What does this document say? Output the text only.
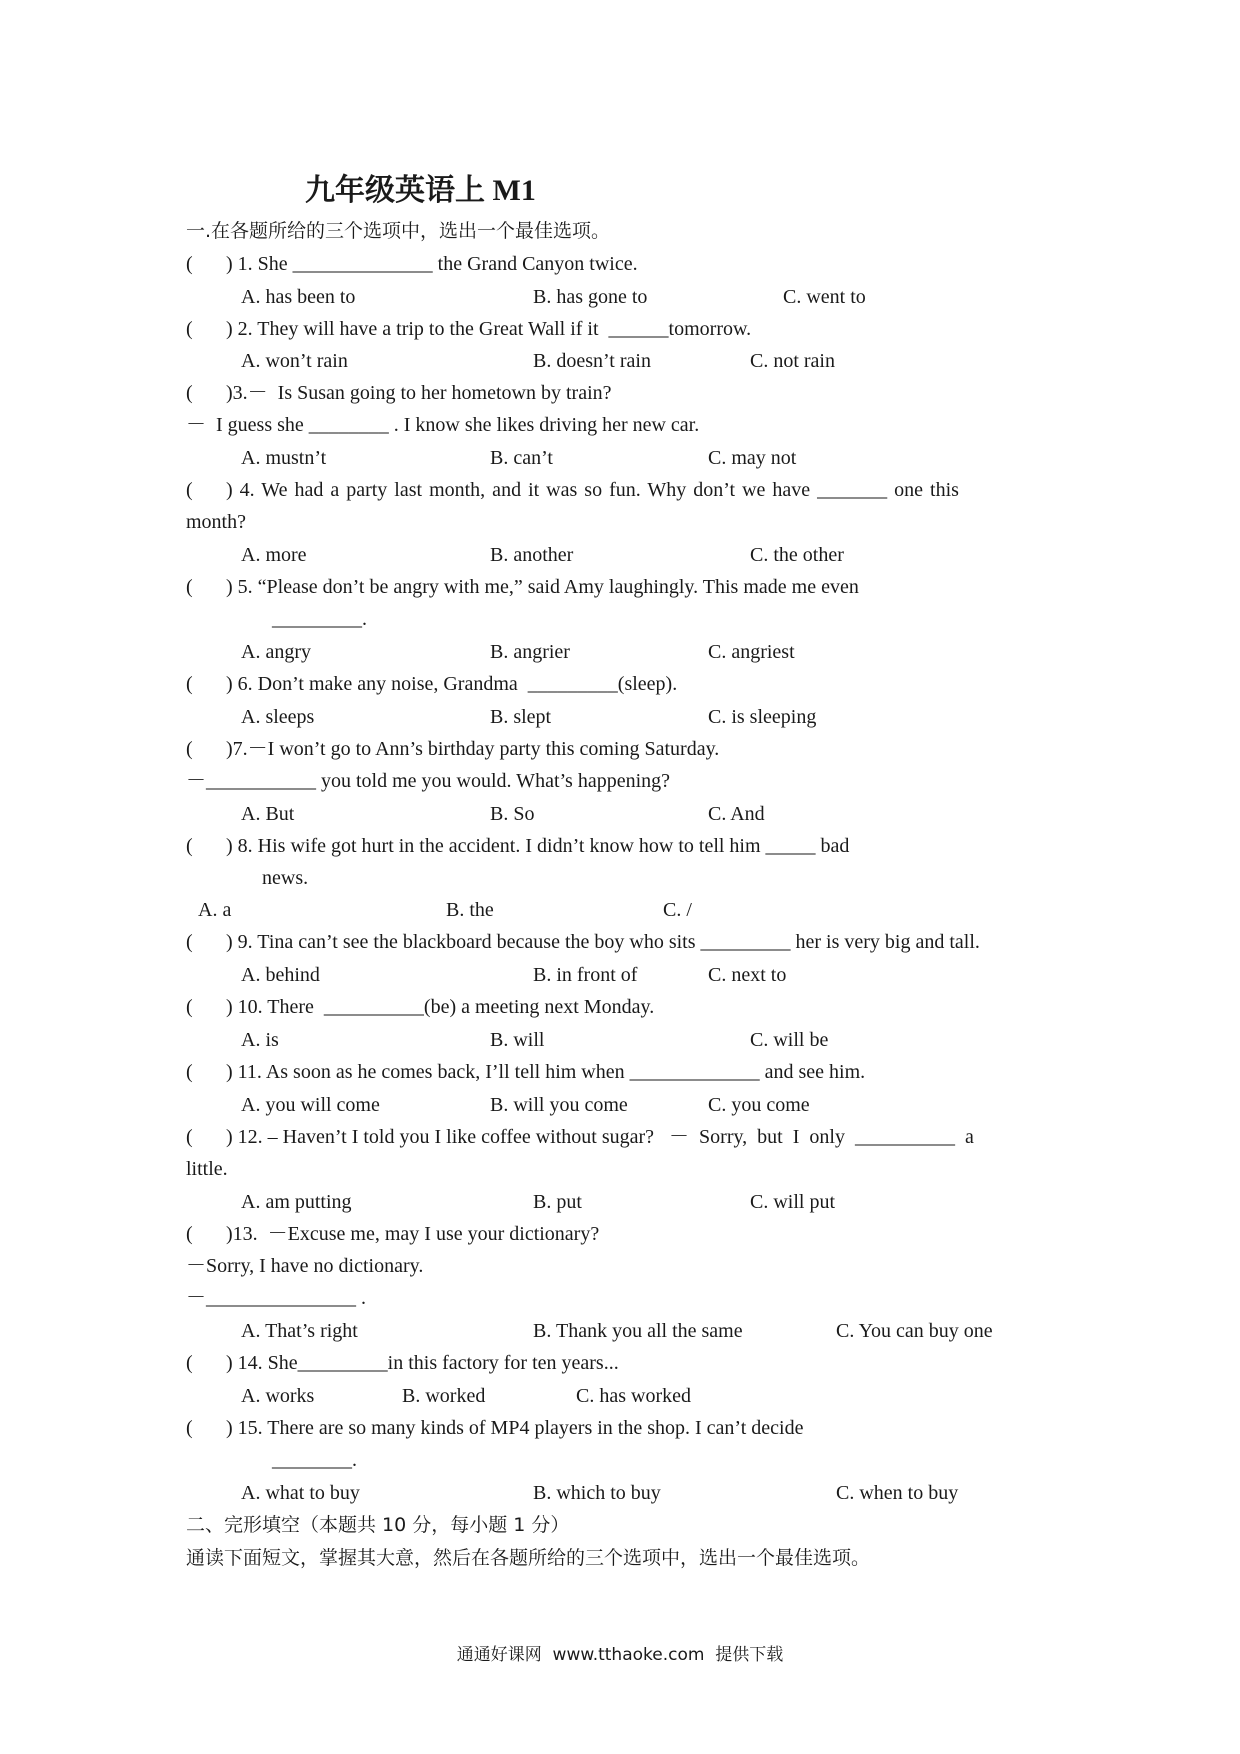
九年级英语上 M1
一.在各题所给的三个选项中，选出一个最佳选项。
( ) 1. She ______________ the Grand Canyon twice.
A. has been to	B. has gone to	C. went to
( ) 2. They will have a trip to the Great Wall if it  ______tomorrow.
A. won’t rain	B. doesn’t rain	C. not rain
( )3.－  Is Susan going to her hometown by train?
－  I guess she ________ . I know she likes driving her new car.
A. mustn’t	B. can’t	C. may not
( ) 4. We had a party last month, and it was so fun. Why don’t we have _______ one this
month?
A. more	B. another	C. the other
( ) 5. “Please don’t be angry with me,” said Amy laughingly. This made me even
_________.
A. angry	B. angrier	C. angriest
( ) 6. Don’t make any noise, Grandma  _________(sleep).
A. sleeps	B. slept	C. is sleeping
( )7.－I won’t go to Ann’s birthday party this coming Saturday.
－___________ you told me you would. What’s happening?
A. But	B. So	C. And
( ) 8. His wife got hurt in the accident. I didn’t know how to tell him _____ bad
news.
A. a	B. the	C. /
( ) 9. Tina can’t see the blackboard because the boy who sits _________ her is very big and tall.
A. behind	B. in front of	C. next to
( ) 10. There  __________(be) a meeting next Monday.
A. is	B. will	C. will be
( ) 11. As soon as he comes back, I’ll tell him when _____________ and see him.
A. you will come	B. will you come	C. you come
( ) 12. – Haven’t I told you I like coffee without sugar?   －  Sorry,  but  I  only  __________  a
little.
A. am putting	B. put	C. will put
( )13.  －Excuse me, may I use your dictionary?
－Sorry, I have no dictionary.
－_______________ .
A. That’s right	B. Thank you all the same	C. You can buy one
( ) 14. She_________in this factory for ten years...
A. works	B. worked	C. has worked
( ) 15. There are so many kinds of MP4 players in the shop. I can’t decide
________.
A. what to buy	B. which to buy	C. when to buy
二、完形填空（本题共 10 分，每小题 1 分）
通读下面短文，掌握其大意，然后在各题所给的三个选项中，选出一个最佳选项。
通通好课网  www.tthaoke.com  提供下载
